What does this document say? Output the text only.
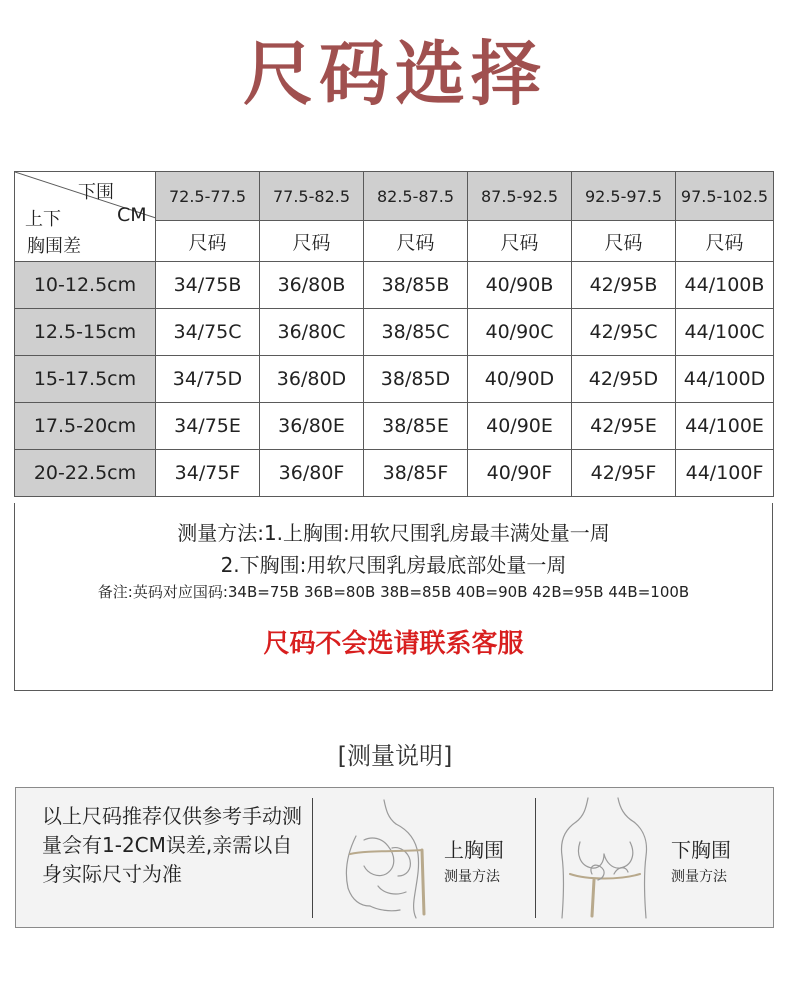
尺码选择
下围
CM
上下
胸围差	72.5-77.5	77.5-82.5	82.5-87.5	87.5-92.5	92.5-97.5	97.5-102.5
	尺码	尺码	尺码	尺码	尺码	尺码
10-12.5cm	34/75B	36/80B	38/85B	40/90B	42/95B	44/100B
12.5-15cm	34/75C	36/80C	38/85C	40/90C	42/95C	44/100C
15-17.5cm	34/75D	36/80D	38/85D	40/90D	42/95D	44/100D
17.5-20cm	34/75E	36/80E	38/85E	40/90E	42/95E	44/100E
20-22.5cm	34/75F	36/80F	38/85F	40/90F	42/95F	44/100F
测量方法:1.上胸围:用软尺围乳房最丰满处量一周
2.下胸围:用软尺围乳房最底部处量一周
备注:英码对应国码:34B=75B 36B=80B 38B=85B 40B=90B 42B=95B 44B=100B
尺码不会选请联系客服
[测量说明]
以上尺码推荐仅供参考手动测量会有1-2CM误差,亲需以自身实际尺寸为准
上胸围
测量方法
下胸围
测量方法
